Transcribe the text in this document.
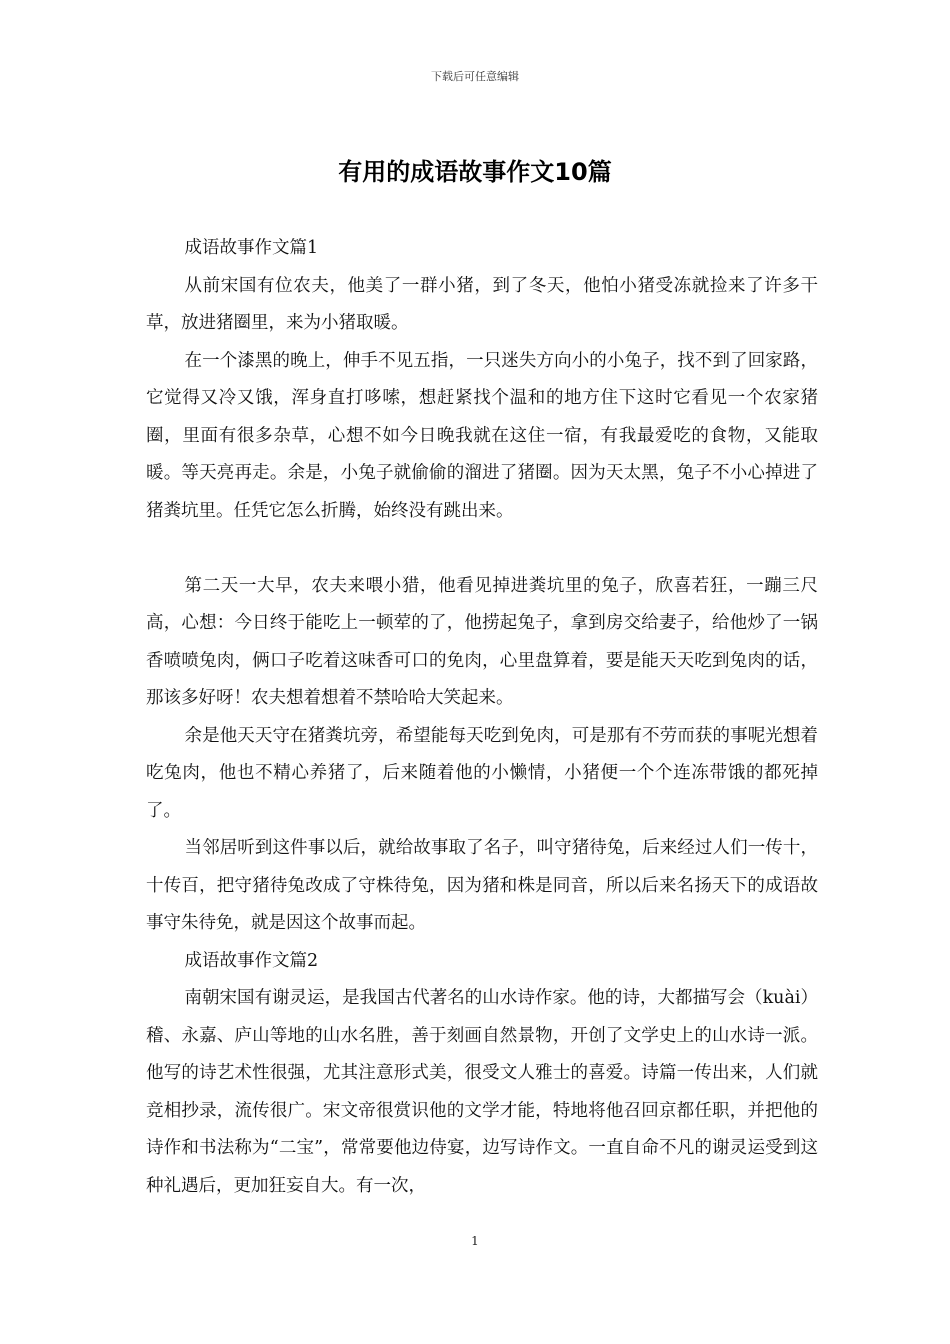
下载后可任意编辑
有用的成语故事作文10篇

成语故事作文篇1

从前宋国有位农夫，他美了一群小猪，到了冬天，他怕小猪受冻就捡来了许多干草，放进猪圈里，来为小猪取暖。

在一个漆黑的晚上，伸手不见五指，一只迷失方向小的小兔子，找不到了回家路，它觉得又冷又饿，浑身直打哆嗦，想赶紧找个温和的地方住下这时它看见一个农家猪圈，里面有很多杂草，心想不如今日晚我就在这住一宿，有我最爱吃的食物，又能取暖。等天亮再走。余是，小兔子就偷偷的溜进了猪圈。因为天太黑，兔子不小心掉进了猪粪坑里。任凭它怎么折腾，始终没有跳出来。

第二天一大早，农夫来喂小猎，他看见掉进粪坑里的兔子，欣喜若狂，一蹦三尺高，心想：今日终于能吃上一顿荤的了，他捞起兔子，拿到房交给妻子，给他炒了一锅香喷喷兔肉，俩口子吃着这味香可口的免肉，心里盘算着，要是能天天吃到兔肉的话，那该多好呀！农夫想着想着不禁哈哈大笑起来。

余是他天天守在猪粪坑旁，希望能每天吃到免肉，可是那有不劳而获的事呢光想着吃兔肉，他也不精心养猪了，后来随着他的小懒情，小猪便一个个连冻带饿的都死掉了。

当邻居听到这件事以后，就给故事取了名子，叫守猪待兔，后来经过人们一传十，十传百，把守猪待兔改成了守株待兔，因为猪和株是同音，所以后来名扬天下的成语故事守朱待免，就是因这个故事而起。

成语故事作文篇2

南朝宋国有谢灵运，是我国古代著名的山水诗作家。他的诗，大都描写会（kuài）稽、永嘉、庐山等地的山水名胜，善于刻画自然景物，开创了文学史上的山水诗一派。他写的诗艺术性很强，尤其注意形式美，很受文人雅士的喜爱。诗篇一传出来，人们就竞相抄录，流传很广。宋文帝很赏识他的文学才能，特地将他召回京都任职，并把他的诗作和书法称为“二宝”，常常要他边侍宴，边写诗作文。一直自命不凡的谢灵运受到这种礼遇后，更加狂妄自大。有一次，

1
